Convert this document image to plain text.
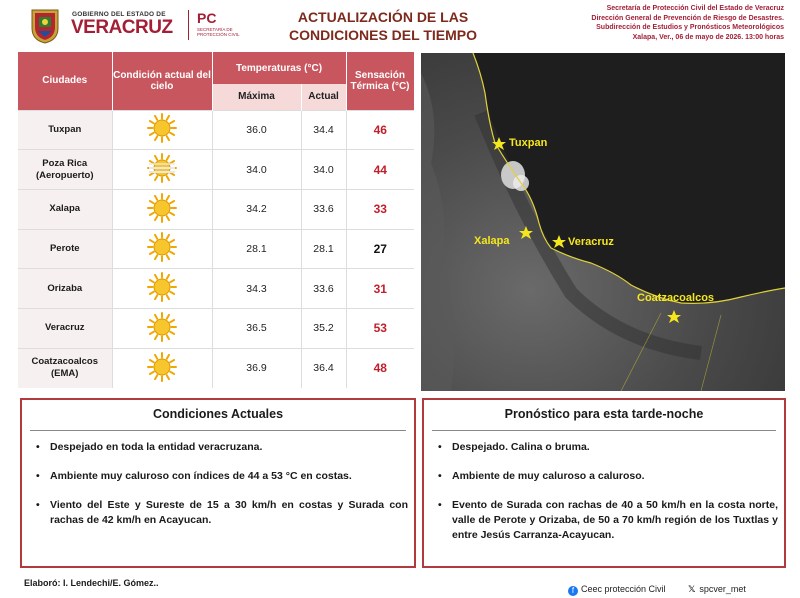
GOBIERNO DEL ESTADO DE
VERACRUZ PC
SECRETARÍA DE PROTECCIÓN CIVIL
ACTUALIZACIÓN DE LAS
CONDICIONES DEL TIEMPO
Secretaría de Protección Civil del Estado de Veracruz
Dirección General de Prevención de Riesgo de Desastres.
Subdirección de Estudios y Pronósticos Meteorológicos
Xalapa, Ver., 06 de mayo de 2026. 13:00 horas
Ciudades	Condición actual del cielo	Temperaturas (°C)		Sensación Térmica (°C)
		Máxima	Actual	
Tuxpan		36.0	34.4	46
Poza Rica (Aeropuerto)		34.0	34.0	44
Xalapa		34.2	33.6	33
Perote		28.1	28.1	27
Orizaba		34.3	33.6	31
Veracruz		36.5	35.2	53
Coatzacoalcos (EMA)		36.9	36.4	48
Tuxpan
Xalapa	Veracruz
Coatzacoalcos
Condiciones Actuales
• Despejado en toda la entidad veracruzana.
• Ambiente muy caluroso con índices de 44 a 53 °C en costas.
• Viento del Este y Sureste de 15 a 30 km/h en costas y Surada con rachas de 42 km/h en Acayucan.
Pronóstico para esta tarde-noche
• Despejado. Calina o bruma.
• Ambiente de muy caluroso a caluroso.
• Evento de Surada con rachas de 40 a 50 km/h en la costa norte, valle de Perote y Orizaba, de 50 a 70 km/h región de los Tuxtlas y entre Jesús Carranza-Acayucan.
Elaboró: I. Lendechi/E. Gómez..
f Ceec protección Civil	𝕏 spcver_met
